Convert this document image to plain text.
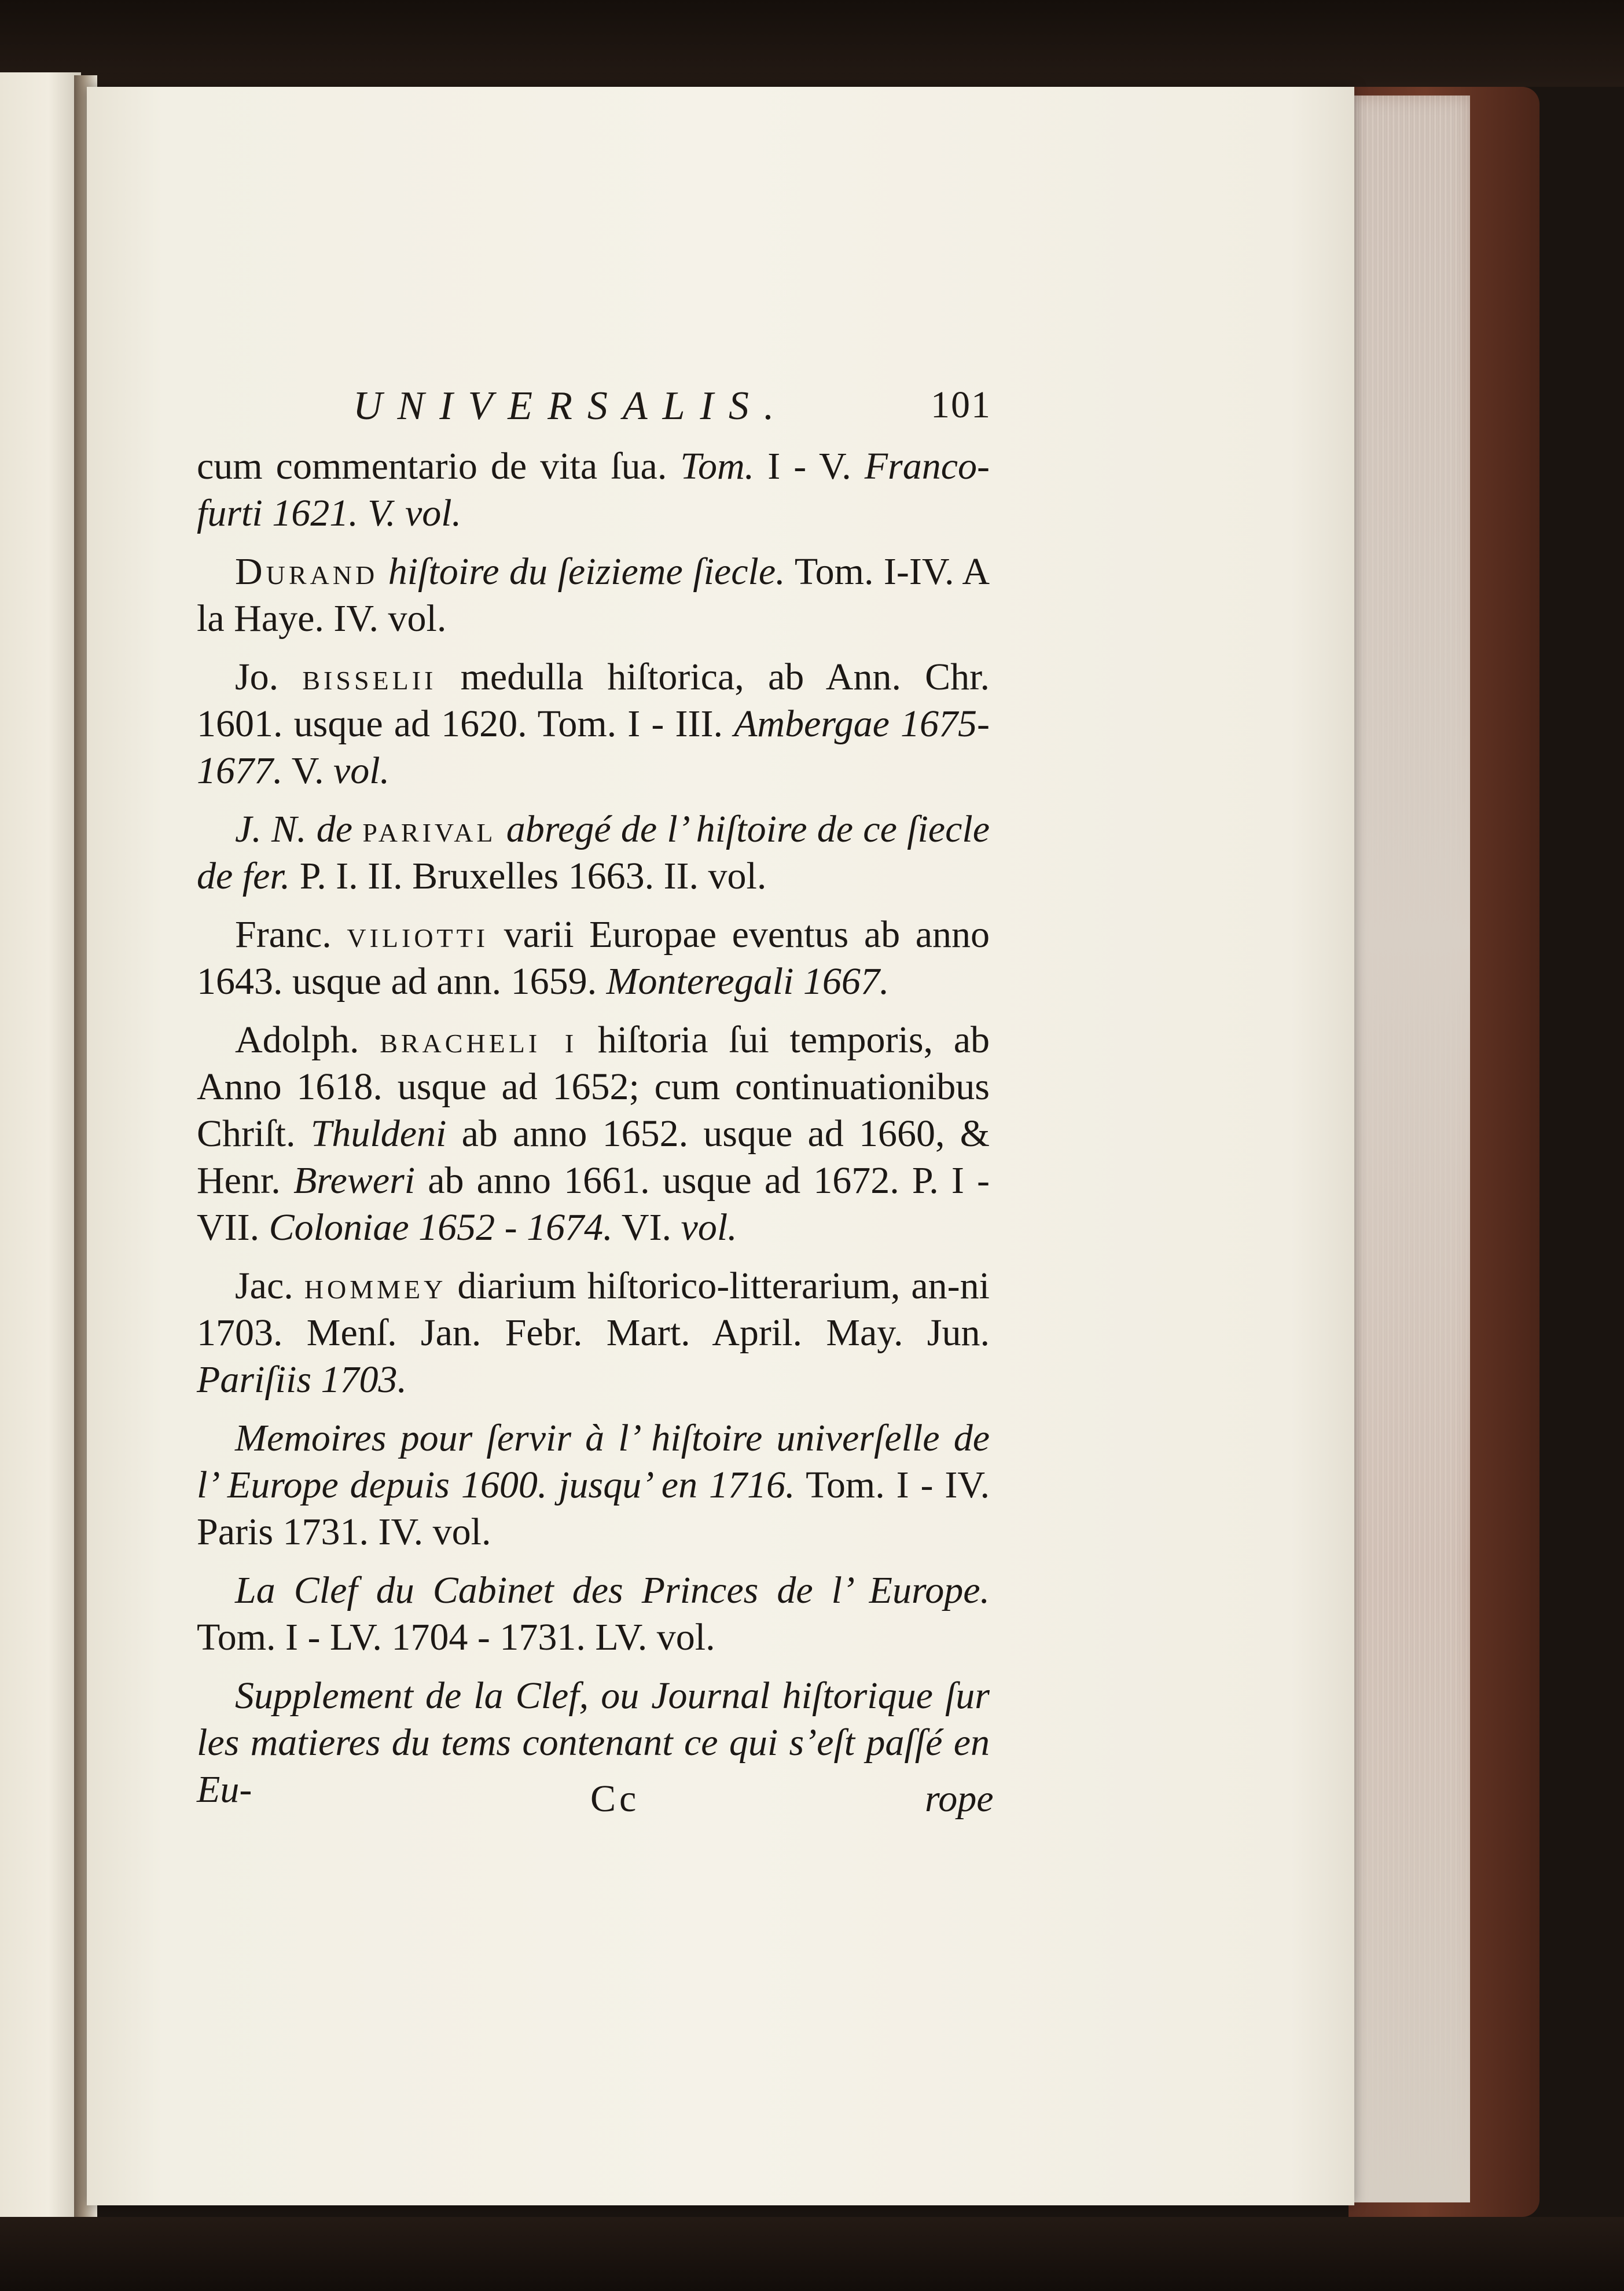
UNIVERSALIS.	101

cum commentario de vita ſua. Tom. I - V. Franco-furti 1621. V. vol.

Durand hiſtoire du ſeizieme ſiecle. Tom. I-IV. A la Haye. IV. vol.

Jo. bisselii medulla hiſtorica, ab Ann. Chr. 1601. usque ad 1620. Tom. I - III. Ambergae 1675-1677. V. vol.

J. N. de parival abregé de l’ hiſtoire de ce ſiecle de fer. P. I. II. Bruxelles 1663. II. vol.

Franc. viliotti varii Europae eventus ab anno 1643. usque ad ann. 1659. Monteregali 1667.

Adolph. bracheli i hiſtoria ſui temporis, ab Anno 1618. usque ad 1652; cum continuationibus Chriſt. Thuldeni ab anno 1652. usque ad 1660, & Henr. Breweri ab anno 1661. usque ad 1672. P. I - VII. Coloniae 1652 - 1674. VI. vol.

Jac. hommey diarium hiſtorico-litterarium, an-ni 1703. Menſ. Jan. Febr. Mart. April. May. Jun. Pariſiis 1703.

Memoires pour ſervir à l’ hiſtoire univerſelle de l’ Europe depuis 1600. jusqu’ en 1716. Tom. I - IV. Paris 1731. IV. vol.

La Clef du Cabinet des Princes de l’ Europe. Tom. I - LV. 1704 - 1731. LV. vol.

Supplement de la Clef, ou Journal hiſtorique ſur les matieres du tems contenant ce qui s’eſt paſſé en Eu-	Cc	rope
